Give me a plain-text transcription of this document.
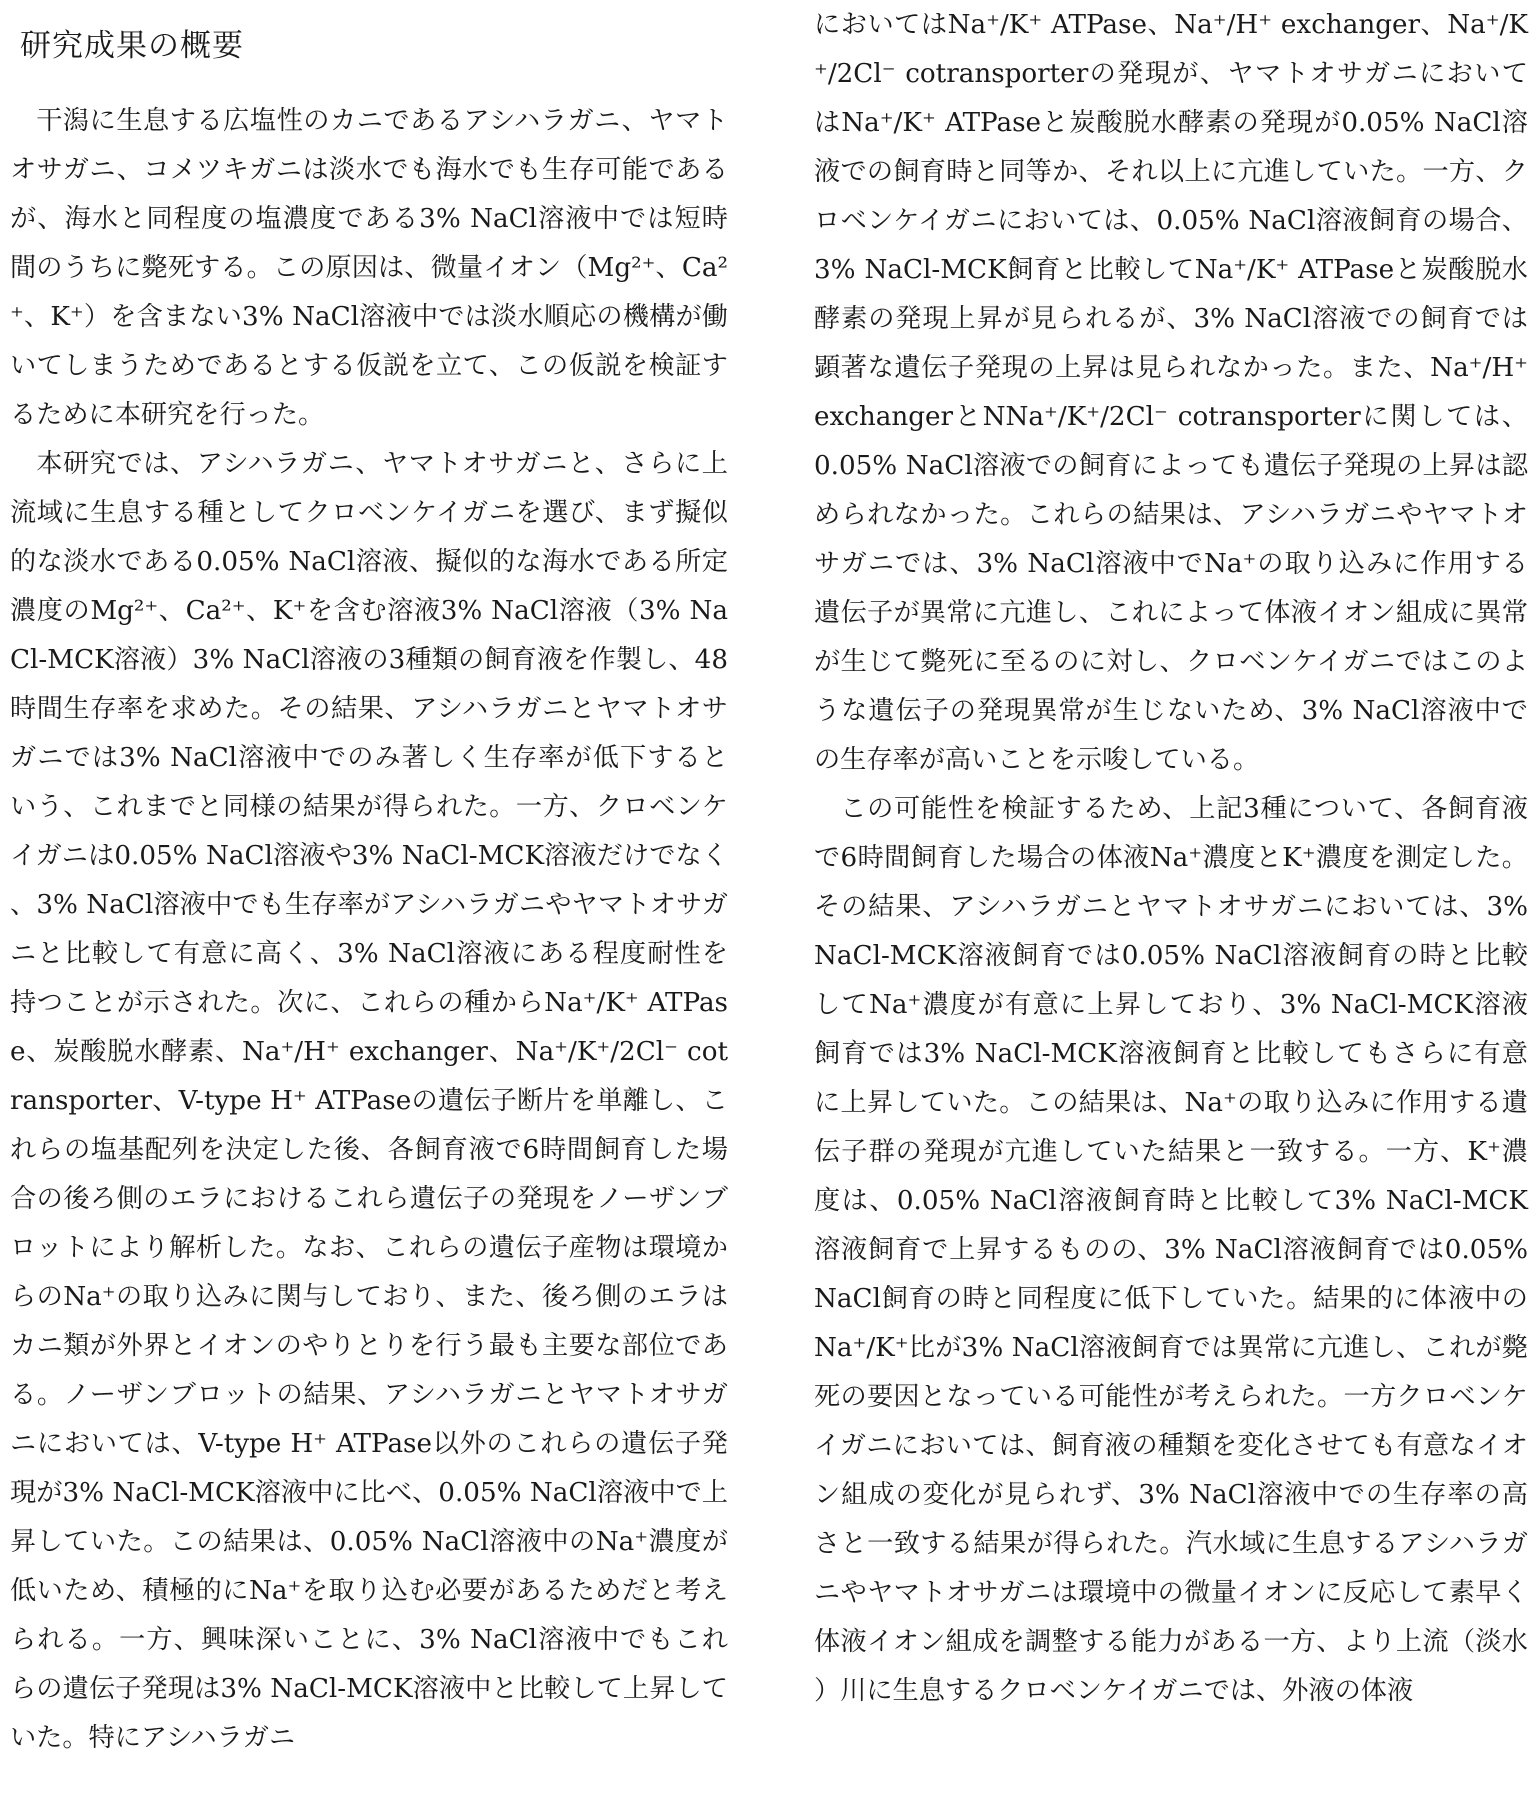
研究成果の概要

干潟に生息する広塩性のカニであるアシハラガニ、ヤマトオサガニ、コメツキガニは淡水でも海水でも生存可能であるが、海水と同程度の塩濃度である3% NaCl溶液中では短時間のうちに斃死する。この原因は、微量イオン（Mg²⁺、Ca²⁺、K⁺）を含まない3% NaCl溶液中では淡水順応の機構が働いてしまうためであるとする仮説を立て、この仮説を検証するために本研究を行った。

本研究では、アシハラガニ、ヤマトオサガニと、さらに上流域に生息する種としてクロベンケイガニを選び、まず擬似的な淡水である0.05% NaCl溶液、擬似的な海水である所定濃度のMg²⁺、Ca²⁺、K⁺を含む溶液3% NaCl溶液（3% NaCl-MCK溶液）3% NaCl溶液の3種類の飼育液を作製し、48時間生存率を求めた。その結果、アシハラガニとヤマトオサガニでは3% NaCl溶液中でのみ著しく生存率が低下するという、これまでと同様の結果が得られた。一方、クロベンケイガニは0.05% NaCl溶液や3% NaCl-MCK溶液だけでなく、3% NaCl溶液中でも生存率がアシハラガニやヤマトオサガニと比較して有意に高く、3% NaCl溶液にある程度耐性を持つことが示された。次に、これらの種からNa⁺/K⁺ ATPase、炭酸脱水酵素、Na⁺/H⁺ exchanger、Na⁺/K⁺/2Cl⁻ cotransporter、V-type H⁺ ATPaseの遺伝子断片を単離し、これらの塩基配列を決定した後、各飼育液で6時間飼育した場合の後ろ側のエラにおけるこれら遺伝子の発現をノーザンブロットにより解析した。なお、これらの遺伝子産物は環境からのNa⁺の取り込みに関与しており、また、後ろ側のエラはカニ類が外界とイオンのやりとりを行う最も主要な部位である。ノーザンブロットの結果、アシハラガニとヤマトオサガニにおいては、V-type H⁺ ATPase以外のこれらの遺伝子発現が3% NaCl-MCK溶液中に比べ、0.05% NaCl溶液中で上昇していた。この結果は、0.05% NaCl溶液中のNa⁺濃度が低いため、積極的にNa⁺を取り込む必要があるためだと考えられる。一方、興味深いことに、3% NaCl溶液中でもこれらの遺伝子発現は3% NaCl-MCK溶液中と比較して上昇していた。特にアシハラガニ

においてはNa⁺/K⁺ ATPase、Na⁺/H⁺ exchanger、Na⁺/K⁺/2Cl⁻ cotransporterの発現が、ヤマトオサガニにおいてはNa⁺/K⁺ ATPaseと炭酸脱水酵素の発現が0.05% NaCl溶液での飼育時と同等か、それ以上に亢進していた。一方、クロベンケイガニにおいては、0.05% NaCl溶液飼育の場合、3% NaCl-MCK飼育と比較してNa⁺/K⁺ ATPaseと炭酸脱水酵素の発現上昇が見られるが、3% NaCl溶液での飼育では顕著な遺伝子発現の上昇は見られなかった。また、Na⁺/H⁺ exchangerとNNa⁺/K⁺/2Cl⁻ cotransporterに関しては、0.05% NaCl溶液での飼育によっても遺伝子発現の上昇は認められなかった。これらの結果は、アシハラガニやヤマトオサガニでは、3% NaCl溶液中でNa⁺の取り込みに作用する遺伝子が異常に亢進し、これによって体液イオン組成に異常が生じて斃死に至るのに対し、クロベンケイガニではこのような遺伝子の発現異常が生じないため、3% NaCl溶液中での生存率が高いことを示唆している。

この可能性を検証するため、上記3種について、各飼育液で6時間飼育した場合の体液Na⁺濃度とK⁺濃度を測定した。その結果、アシハラガニとヤマトオサガニにおいては、3% NaCl-MCK溶液飼育では0.05% NaCl溶液飼育の時と比較してNa⁺濃度が有意に上昇しており、3% NaCl-MCK溶液飼育では3% NaCl-MCK溶液飼育と比較してもさらに有意に上昇していた。この結果は、Na⁺の取り込みに作用する遺伝子群の発現が亢進していた結果と一致する。一方、K⁺濃度は、0.05% NaCl溶液飼育時と比較して3% NaCl-MCK溶液飼育で上昇するものの、3% NaCl溶液飼育では0.05% NaCl飼育の時と同程度に低下していた。結果的に体液中のNa⁺/K⁺比が3% NaCl溶液飼育では異常に亢進し、これが斃死の要因となっている可能性が考えられた。一方クロベンケイガニにおいては、飼育液の種類を変化させても有意なイオン組成の変化が見られず、3% NaCl溶液中での生存率の高さと一致する結果が得られた。汽水域に生息するアシハラガニやヤマトオサガニは環境中の微量イオンに反応して素早く体液イオン組成を調整する能力がある一方、より上流（淡水）川に生息するクロベンケイガニでは、外液の体液
